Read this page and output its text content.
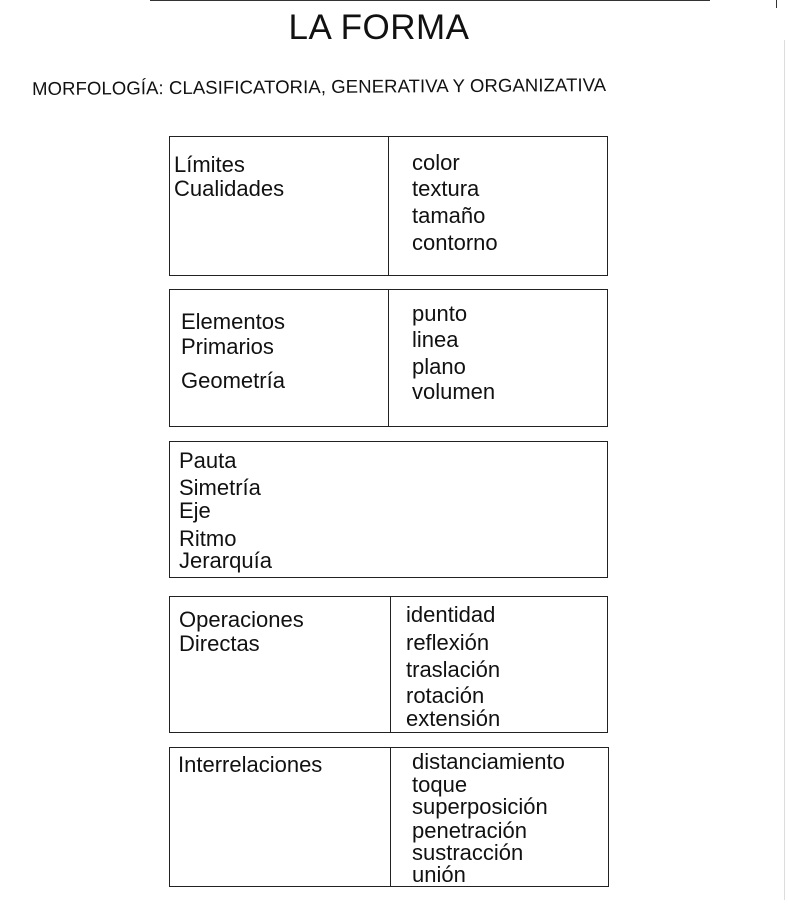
LA FORMA
MORFOLOGÍA: CLASIFICATORIA, GENERATIVA Y ORGANIZATIVA
Límites
Cualidades
color
textura
tamaño
contorno
Elementos
Primarios
Geometría
punto
linea
plano
volumen
Pauta
Simetría
Eje
Ritmo
Jerarquía
Operaciones
Directas
identidad
reflexión
traslación
rotación
extensión
Interrelaciones	distanciamiento
toque
superposición
penetración
sustracción
unión
